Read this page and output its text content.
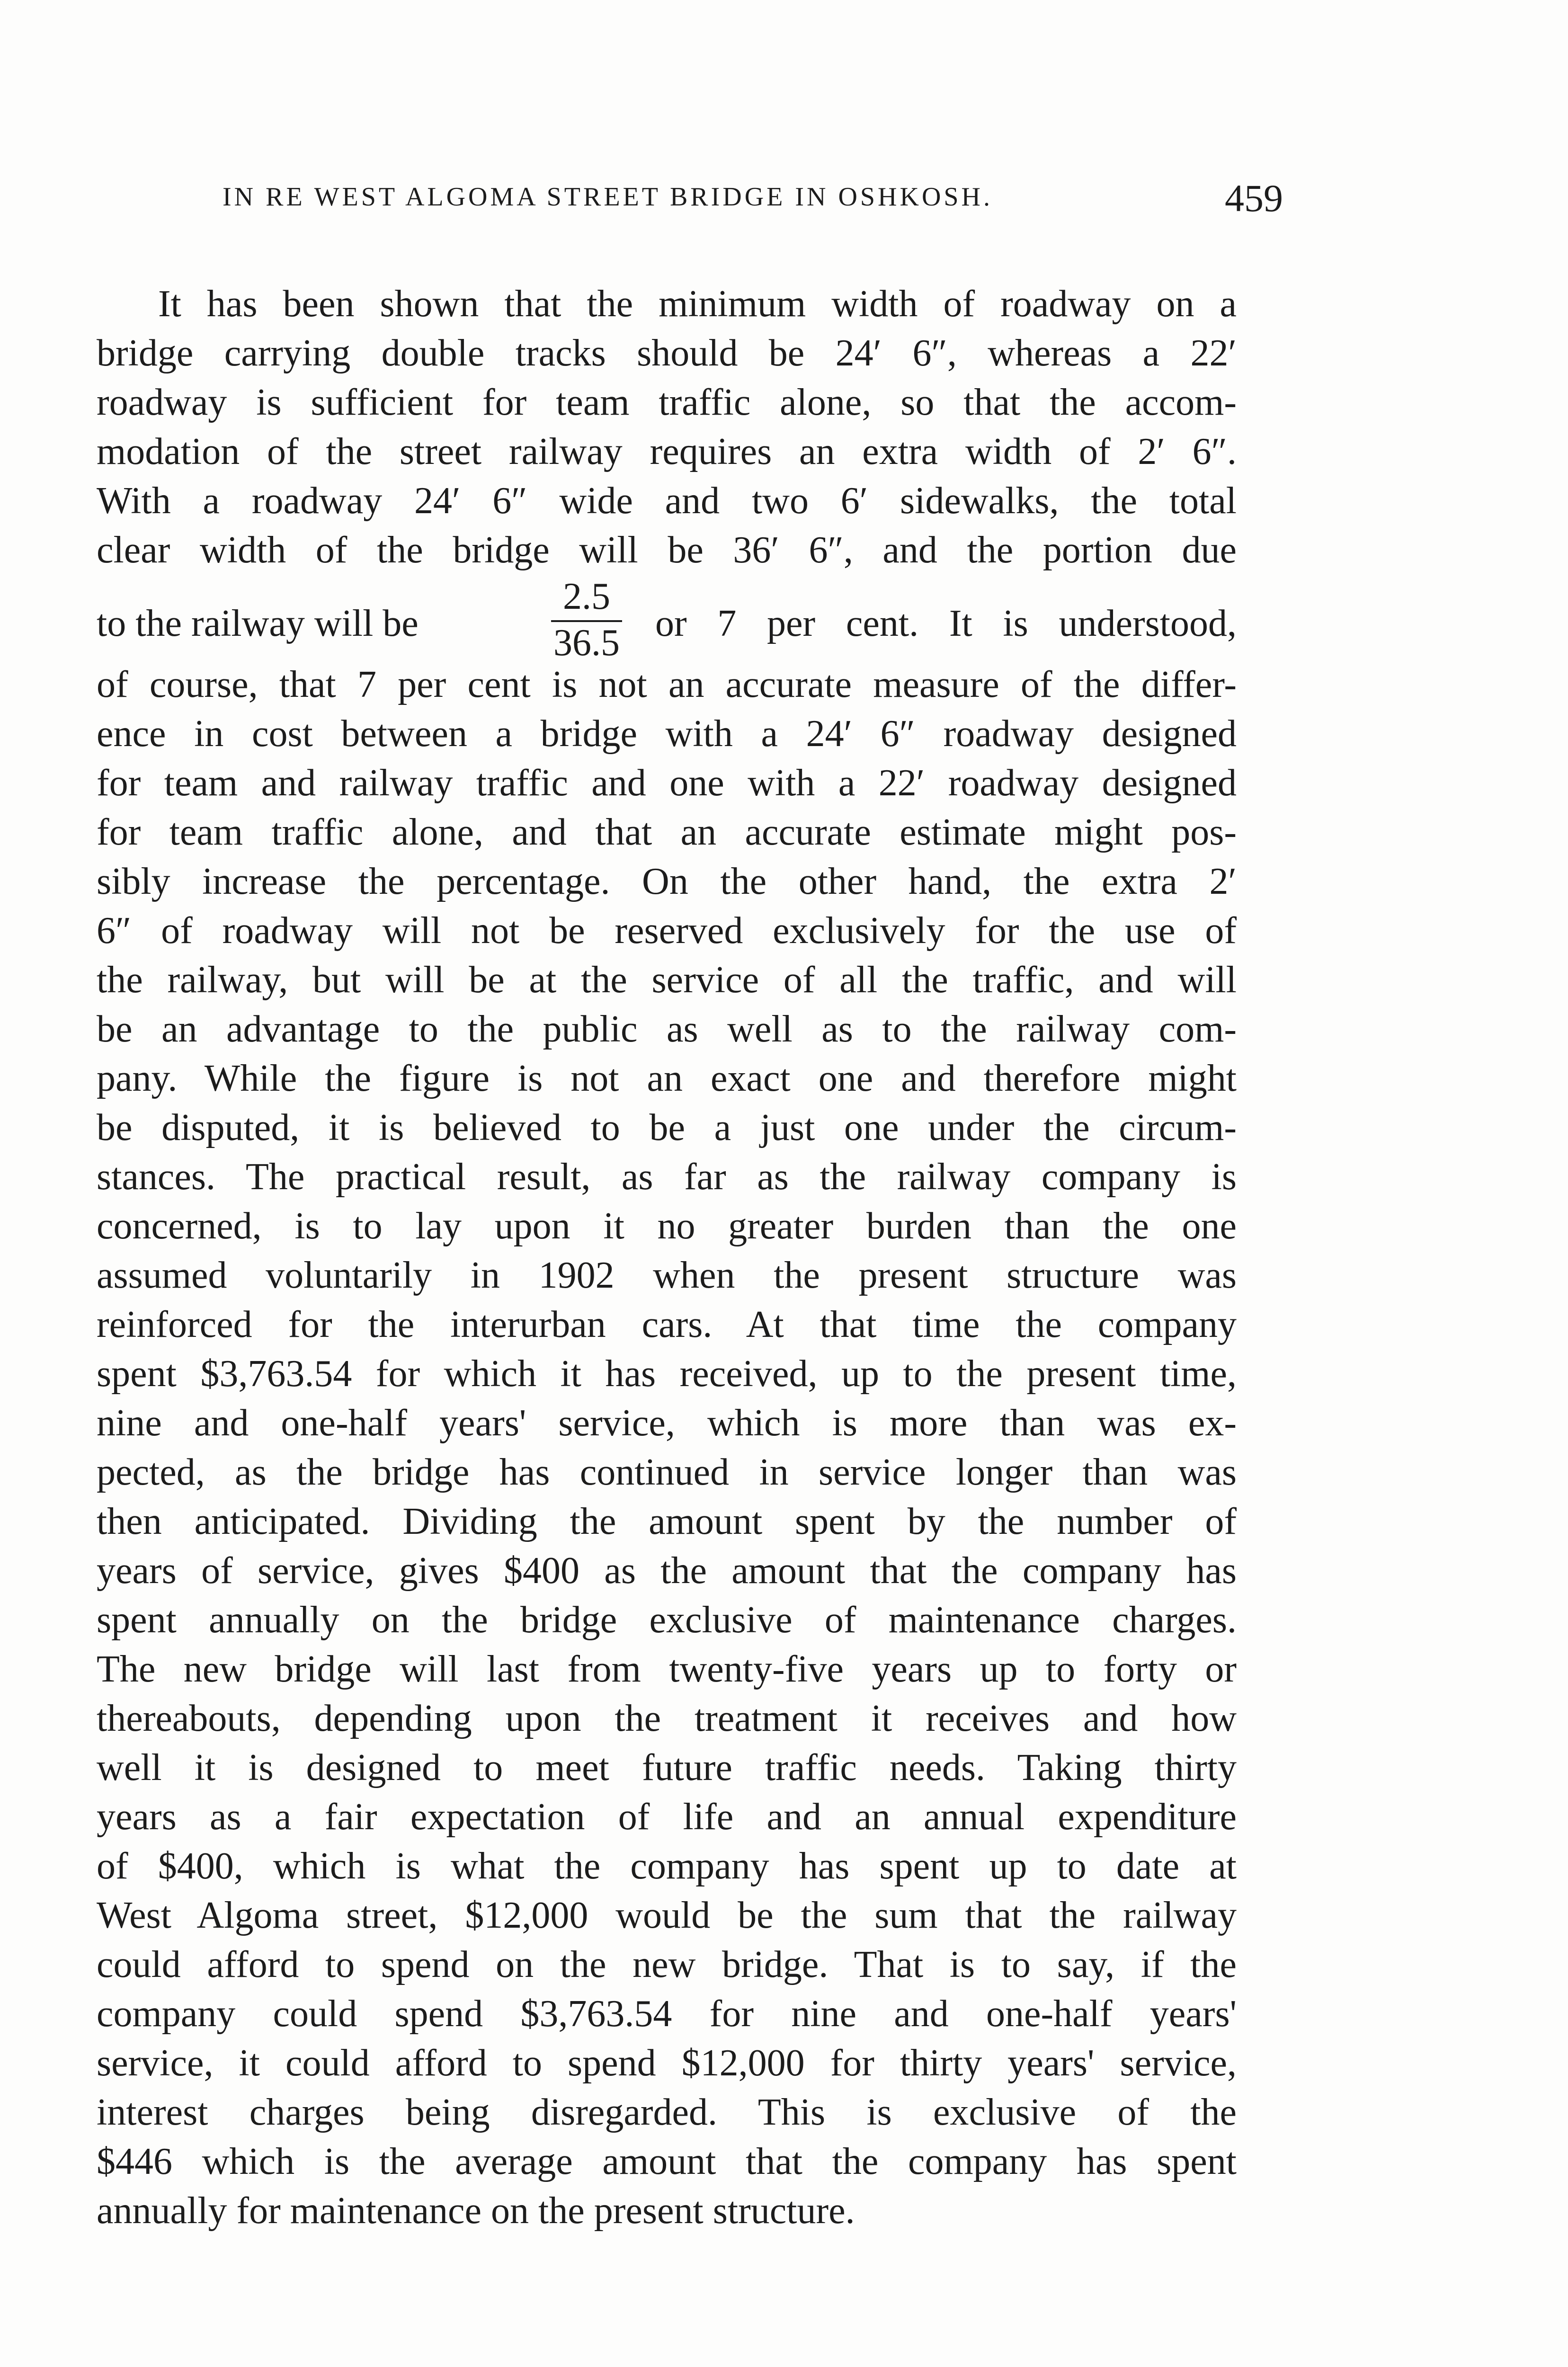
IN RE WEST ALGOMA STREET BRIDGE IN OSHKOSH.	459
It has been shown that the minimum width of roadway on a
bridge carrying double tracks should be 24′ 6″, whereas a 22′
roadway is sufficient for team traffic alone, so that the accom-
modation of the street railway requires an extra width of 2′ 6″.
With a roadway 24′ 6″ wide and two 6′ sidewalks, the total
clear width of the bridge will be 36′ 6″, and the portion due
to the railway will be
2.5
36.5 or 7 per cent. It is understood,
of course, that 7 per cent is not an accurate measure of the differ-
ence in cost between a bridge with a 24′ 6″ roadway designed
for team and railway traffic and one with a 22′ roadway designed
for team traffic alone, and that an accurate estimate might pos-
sibly increase the percentage. On the other hand, the extra 2′
6″ of roadway will not be reserved exclusively for the use of
the railway, but will be at the service of all the traffic, and will
be an advantage to the public as well as to the railway com-
pany. While the figure is not an exact one and therefore might
be disputed, it is believed to be a just one under the circum-
stances. The practical result, as far as the railway company is
concerned, is to lay upon it no greater burden than the one
assumed voluntarily in 1902 when the present structure was
reinforced for the interurban cars. At that time the company
spent $3,763.54 for which it has received, up to the present time,
nine and one-half years' service, which is more than was ex-
pected, as the bridge has continued in service longer than was
then anticipated. Dividing the amount spent by the number of
years of service, gives $400 as the amount that the company has
spent annually on the bridge exclusive of maintenance charges.
The new bridge will last from twenty-five years up to forty or
thereabouts, depending upon the treatment it receives and how
well it is designed to meet future traffic needs. Taking thirty
years as a fair expectation of life and an annual expenditure
of $400, which is what the company has spent up to date at
West Algoma street, $12,000 would be the sum that the railway
could afford to spend on the new bridge. That is to say, if the
company could spend $3,763.54 for nine and one-half years'
service, it could afford to spend $12,000 for thirty years' service,
interest charges being disregarded. This is exclusive of the
$446 which is the average amount that the company has spent
annually for maintenance on the present structure.
